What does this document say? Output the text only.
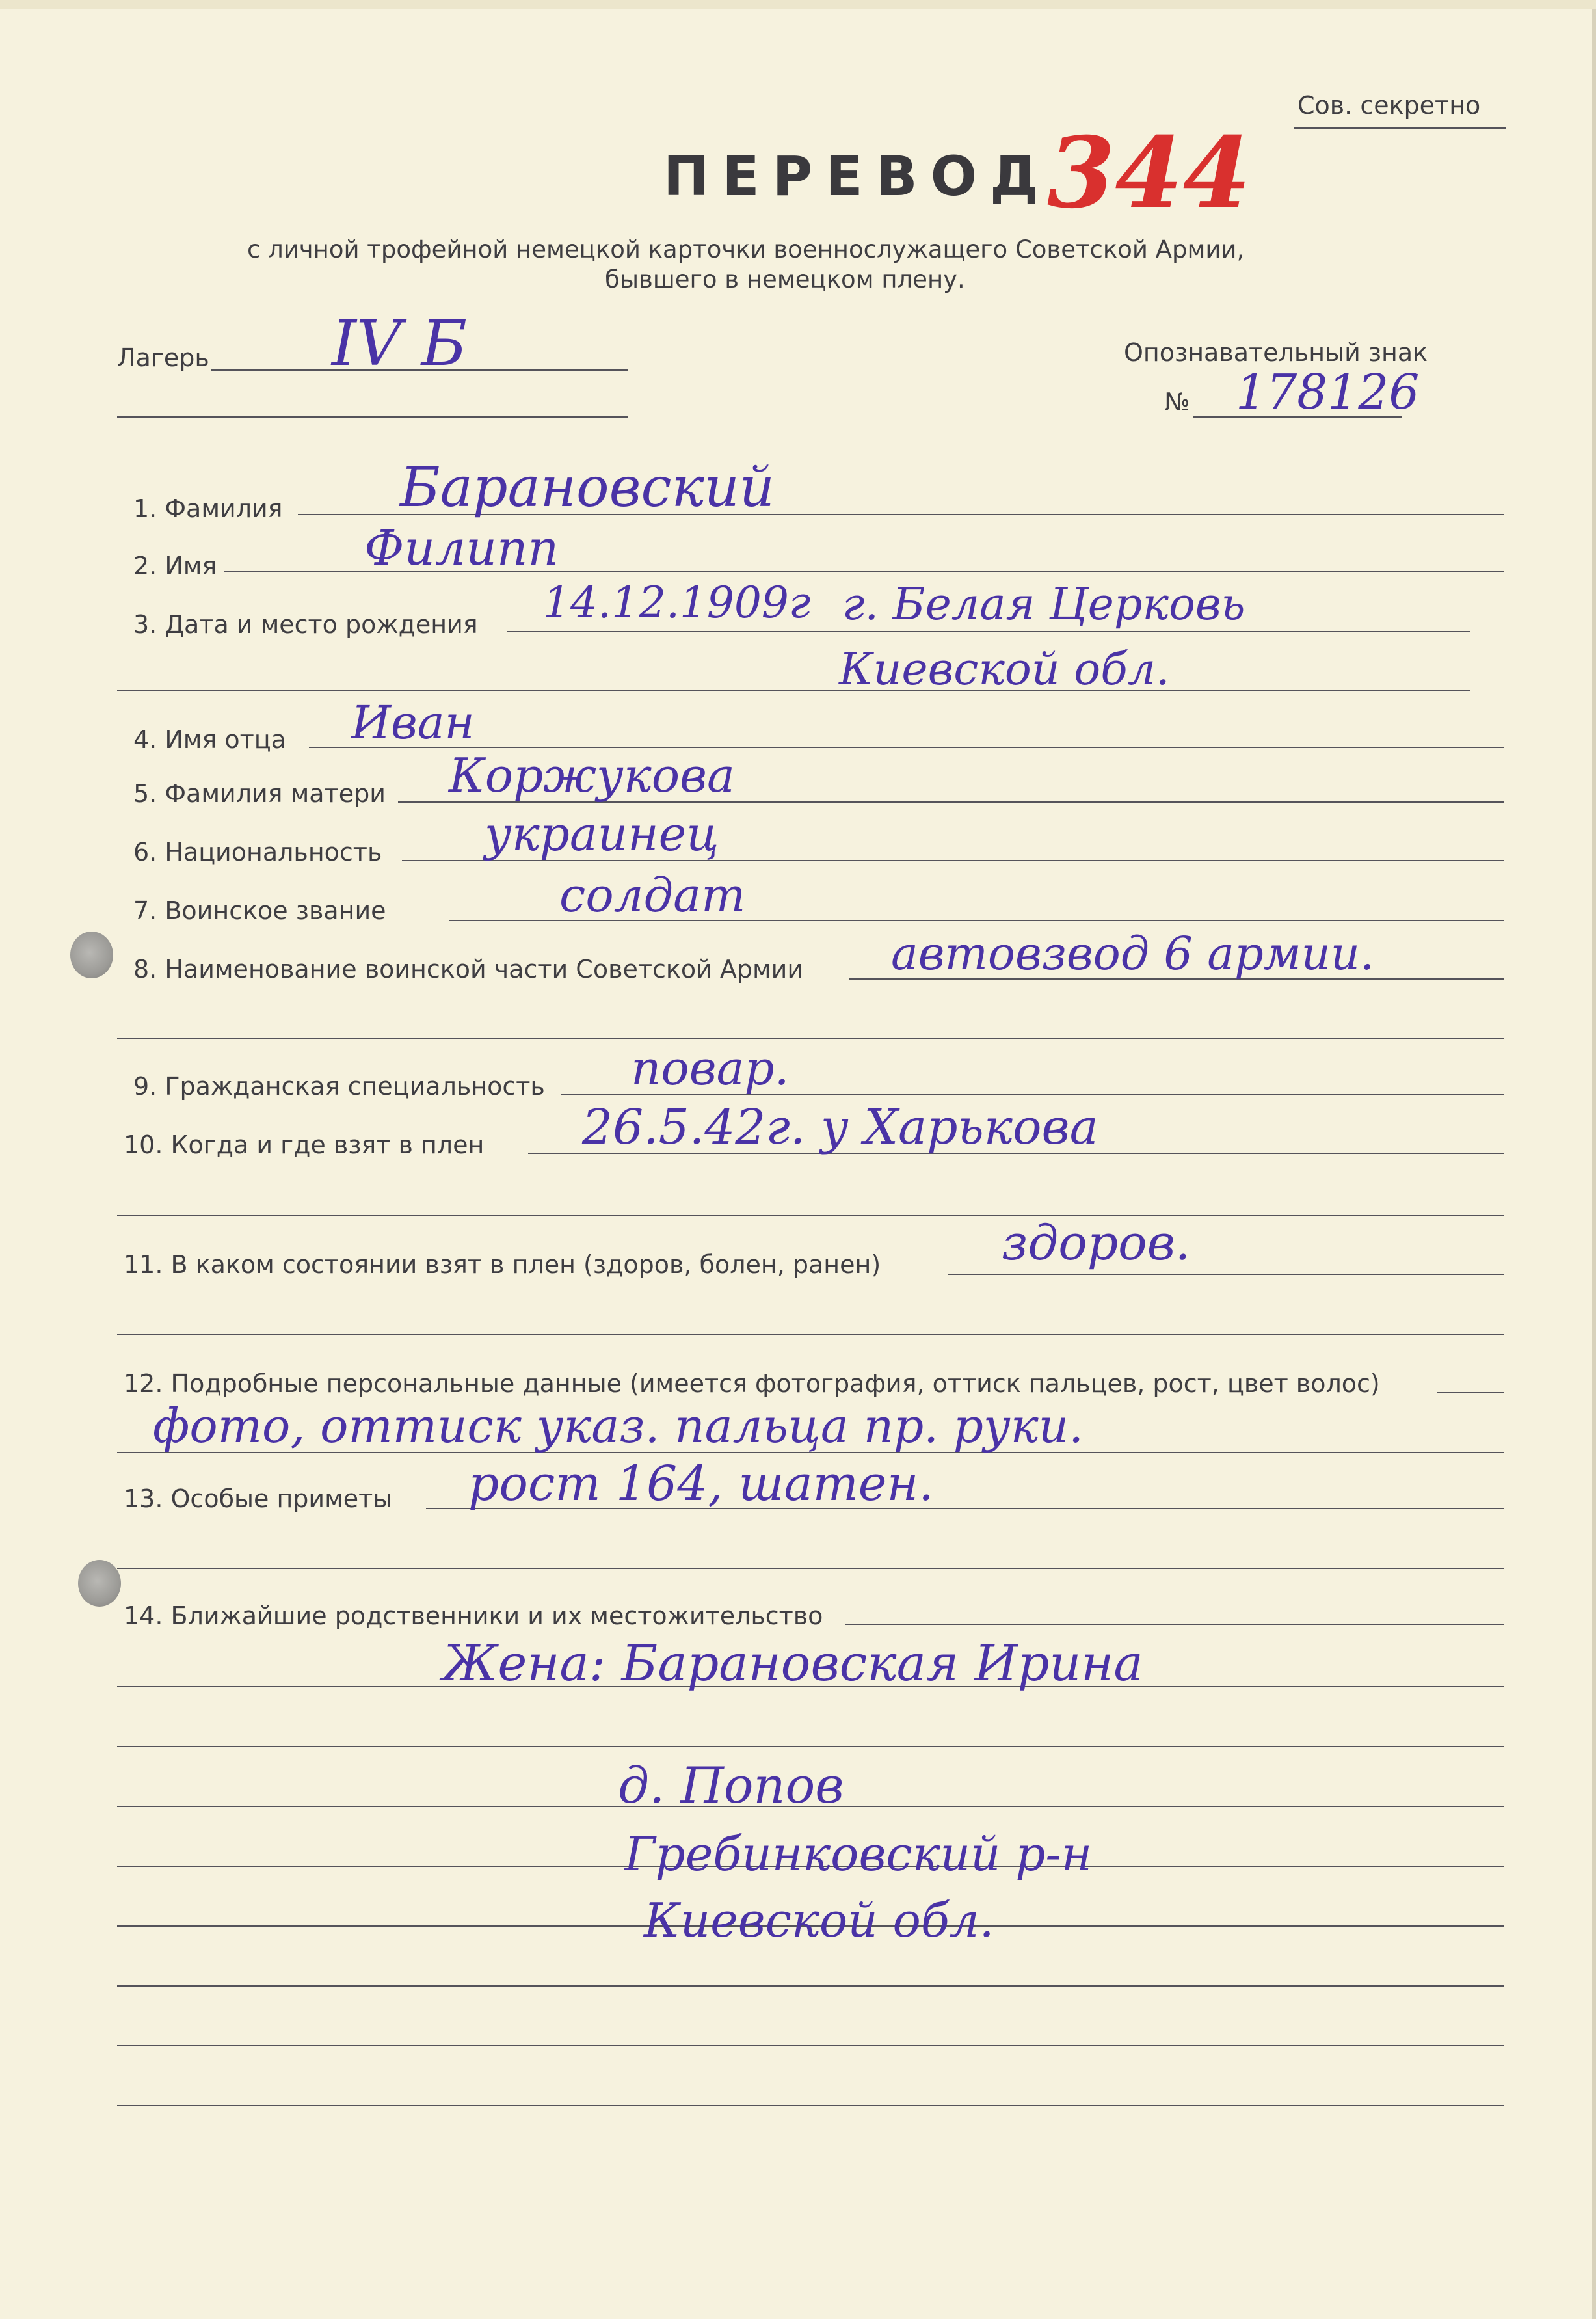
Сов. секретно
ПЕРЕВОД
344
с личной трофейной немецкой карточки военнослужащего Советской Армии,
бывшего в немецком плену.
Лагерь IV Б	Опознавательный знак
№ 178126
1. Фамилия Барановский
2. Имя	Филипп
3. Дата и место рождения 14.12.1909г г. Белая Церковь
Киевской обл.
4. Имя отца Иван
5. Фамилия матери Коржукова
6. Национальность украинец
7. Воинское звание	солдат
8. Наименование воинской части Советской Армии автовзвод 6 армии.
9. Гражданская специальность повар.
10. Когда и где взят в плен 26.5.42г. у Харькова
11. В каком состоянии взят в плен (здоров, болен, ранен)	здоров.
12. Подробные персональные данные (имеется фотография, оттиск пальцев, рост, цвет волос)
фото, оттиск указ. пальца пр. руки.
13. Особые приметы рост 164, шатен.
14. Ближайшие родственники и их местожительство
Жена: Барановская Ирина
д. Попов
Гребинковский р-н
Киевской обл.
